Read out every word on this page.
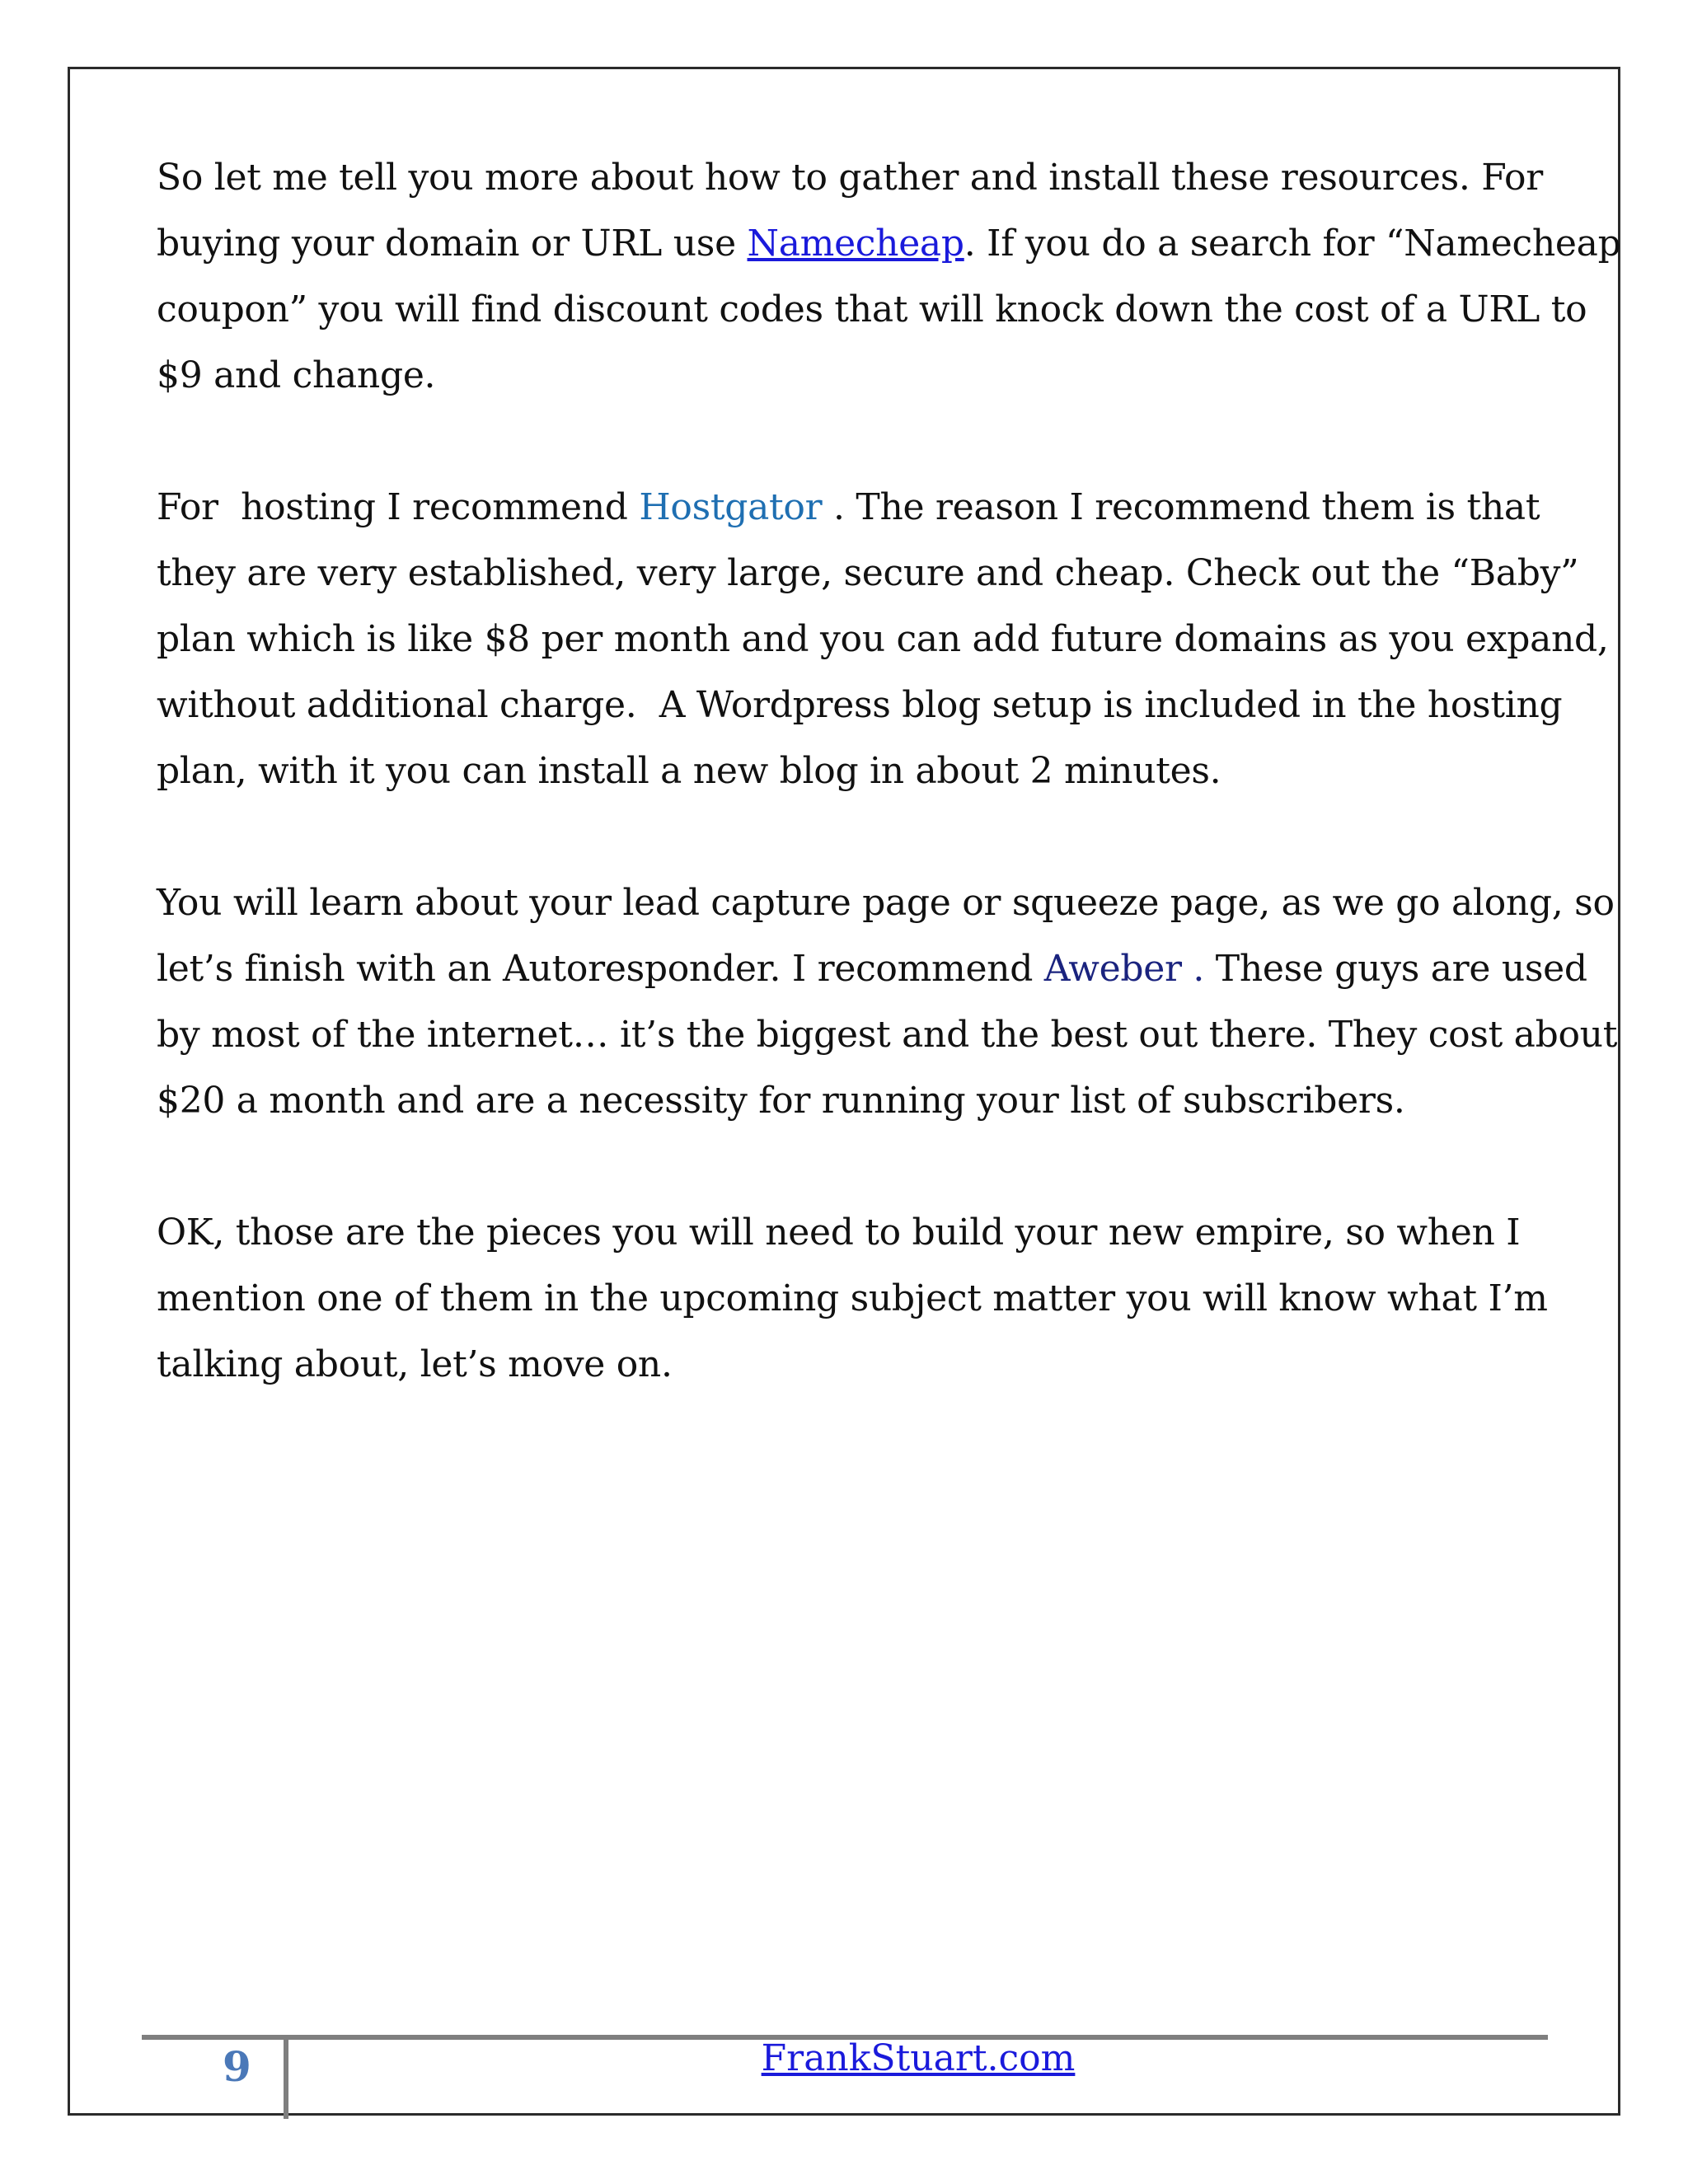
So let me tell you more about how to gather and install these resources. For
buying your domain or URL use Namecheap. If you do a search for “Namecheap
coupon” you will find discount codes that will knock down the cost of a URL to
$9 and change.

For  hosting I recommend Hostgator . The reason I recommend them is that
they are very established, very large, secure and cheap. Check out the “Baby”
plan which is like $8 per month and you can add future domains as you expand,
without additional charge.  A Wordpress blog setup is included in the hosting
plan, with it you can install a new blog in about 2 minutes.

You will learn about your lead capture page or squeeze page, as we go along, so
let’s finish with an Autoresponder. I recommend Aweber . These guys are used
by most of the internet… it’s the biggest and the best out there. They cost about
$20 a month and are a necessity for running your list of subscribers.

OK, those are the pieces you will need to build your new empire, so when I
mention one of them in the upcoming subject matter you will know what I’m
talking about, let’s move on.

9	FrankStuart.com
